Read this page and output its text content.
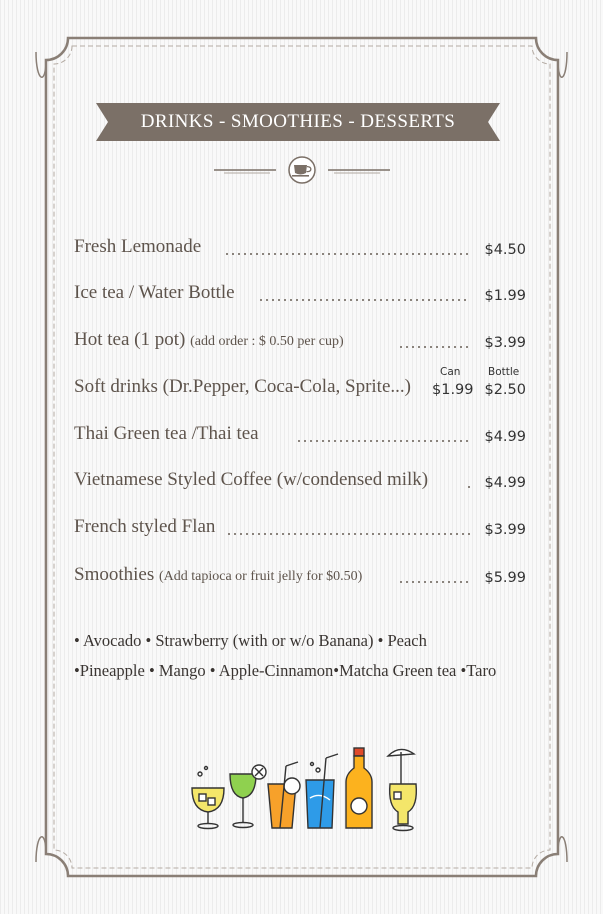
DRINKS - SMOOTHIES - DESSERTS
Fresh Lemonade	$4.50
Ice tea / Water Bottle	$1.99
Hot tea (1 pot) (add order : $ 0.50 per cup)	$3.99
Can	Bottle
Soft drinks (Dr.Pepper, Coca-Cola, Sprite...) $1.99 $2.50
Thai Green tea /Thai tea	$4.99
Vietnamese Styled Coffee (w/condensed milk)	$4.99
French styled Flan	$3.99
Smoothies (Add tapioca or fruit jelly for $0.50)	$5.99
• Avocado • Strawberry (with or w/o Banana) • Peach
•Pineapple • Mango • Apple-Cinnamon•Matcha Green tea •Taro
